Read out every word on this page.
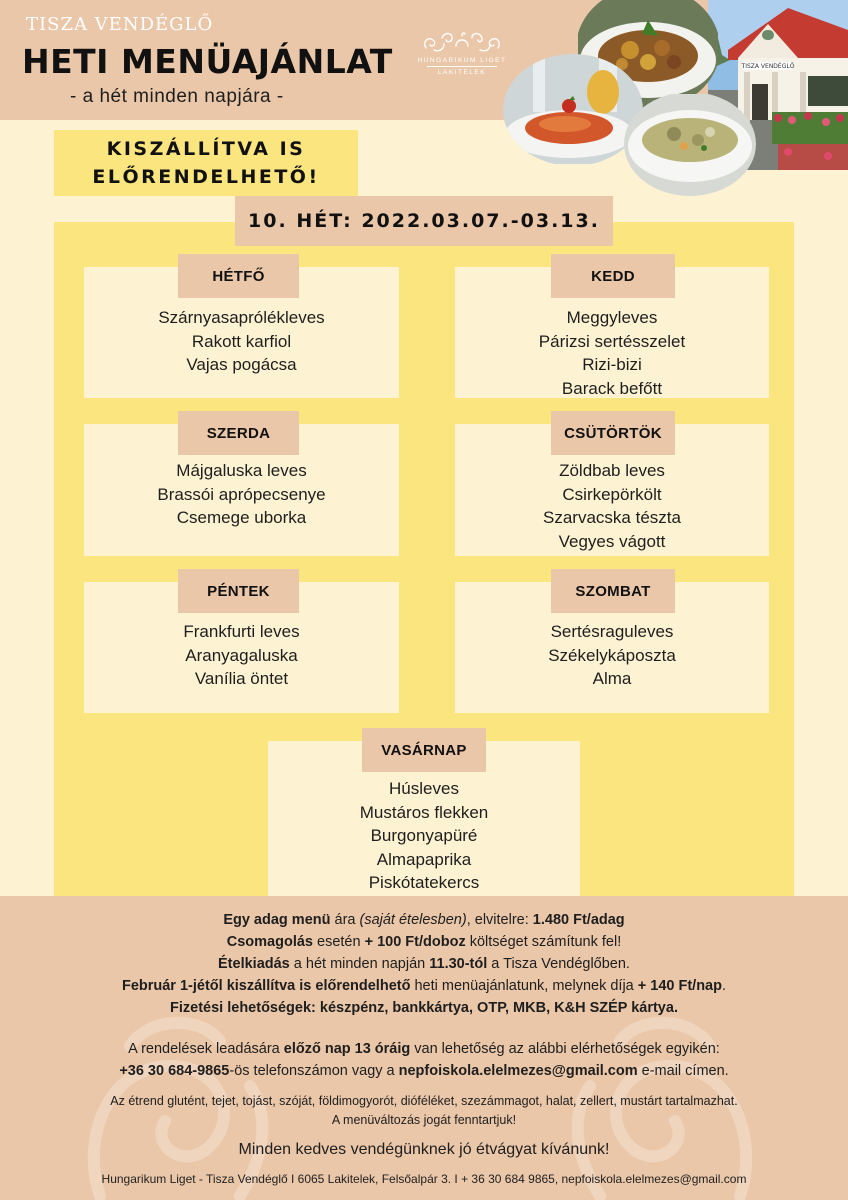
TISZA VENDÉGLŐ
HETI MENÜAJÁNLAT
- a hét minden napjára -
HUNGARIKUM LIGET
LAKITELEK
TISZA VENDÉGLŐ
KISZÁLLÍTVA IS
ELŐRENDELHETŐ!
10. HÉT: 2022.03.07.-03.13.
Szárnyasaprólékleves
Rakott karfiol
Vajas pogácsa
HÉTFŐ
Meggyleves
Párizsi sertésszelet
Rizi-bizi
Barack befőtt
KEDD
Májgaluska leves
Brassói aprópecsenye
Csemege uborka
SZERDA
Zöldbab leves
Csirkepörkölt
Szarvacska tészta
Vegyes vágott
CSÜTÖRTÖK
Frankfurti leves
Aranyagaluska
Vanília öntet
PÉNTEK
Sertésraguleves
Székelykáposzta
Alma
SZOMBAT
Húsleves
Mustáros flekken
Burgonyapüré
Almapaprika
Piskótatekercs
VASÁRNAP
Egy adag menü ára (saját ételesben), elvitelre: 1.480 Ft/adag
Csomagolás esetén + 100 Ft/doboz költséget számítunk fel!
Ételkiadás a hét minden napján 11.30-tól a Tisza Vendéglőben.
Február 1-jétől kiszállítva is előrendelhető heti menüajánlatunk, melynek díja + 140 Ft/nap.
Fizetési lehetőségek: készpénz, bankkártya, OTP, MKB, K&H SZÉP kártya.
A rendelések leadására előző nap 13 óráig van lehetőség az alábbi elérhetőségek egyikén:
+36 30 684-9865-ös telefonszámon vagy a nepfoiskola.elelmezes@gmail.com e-mail címen.
Az étrend glutént, tejet, tojást, szóját, földimogyorót, dióféléket, szezámmagot, halat, zellert, mustárt tartalmazhat.
A menüváltozás jogát fenntartjuk!
Minden kedves vendégünknek jó étvágyat kívánunk!
Hungarikum Liget - Tisza Vendéglő I 6065 Lakitelek, Felsőalpár 3. I + 36 30 684 9865, nepfoiskola.elelmezes@gmail.com
